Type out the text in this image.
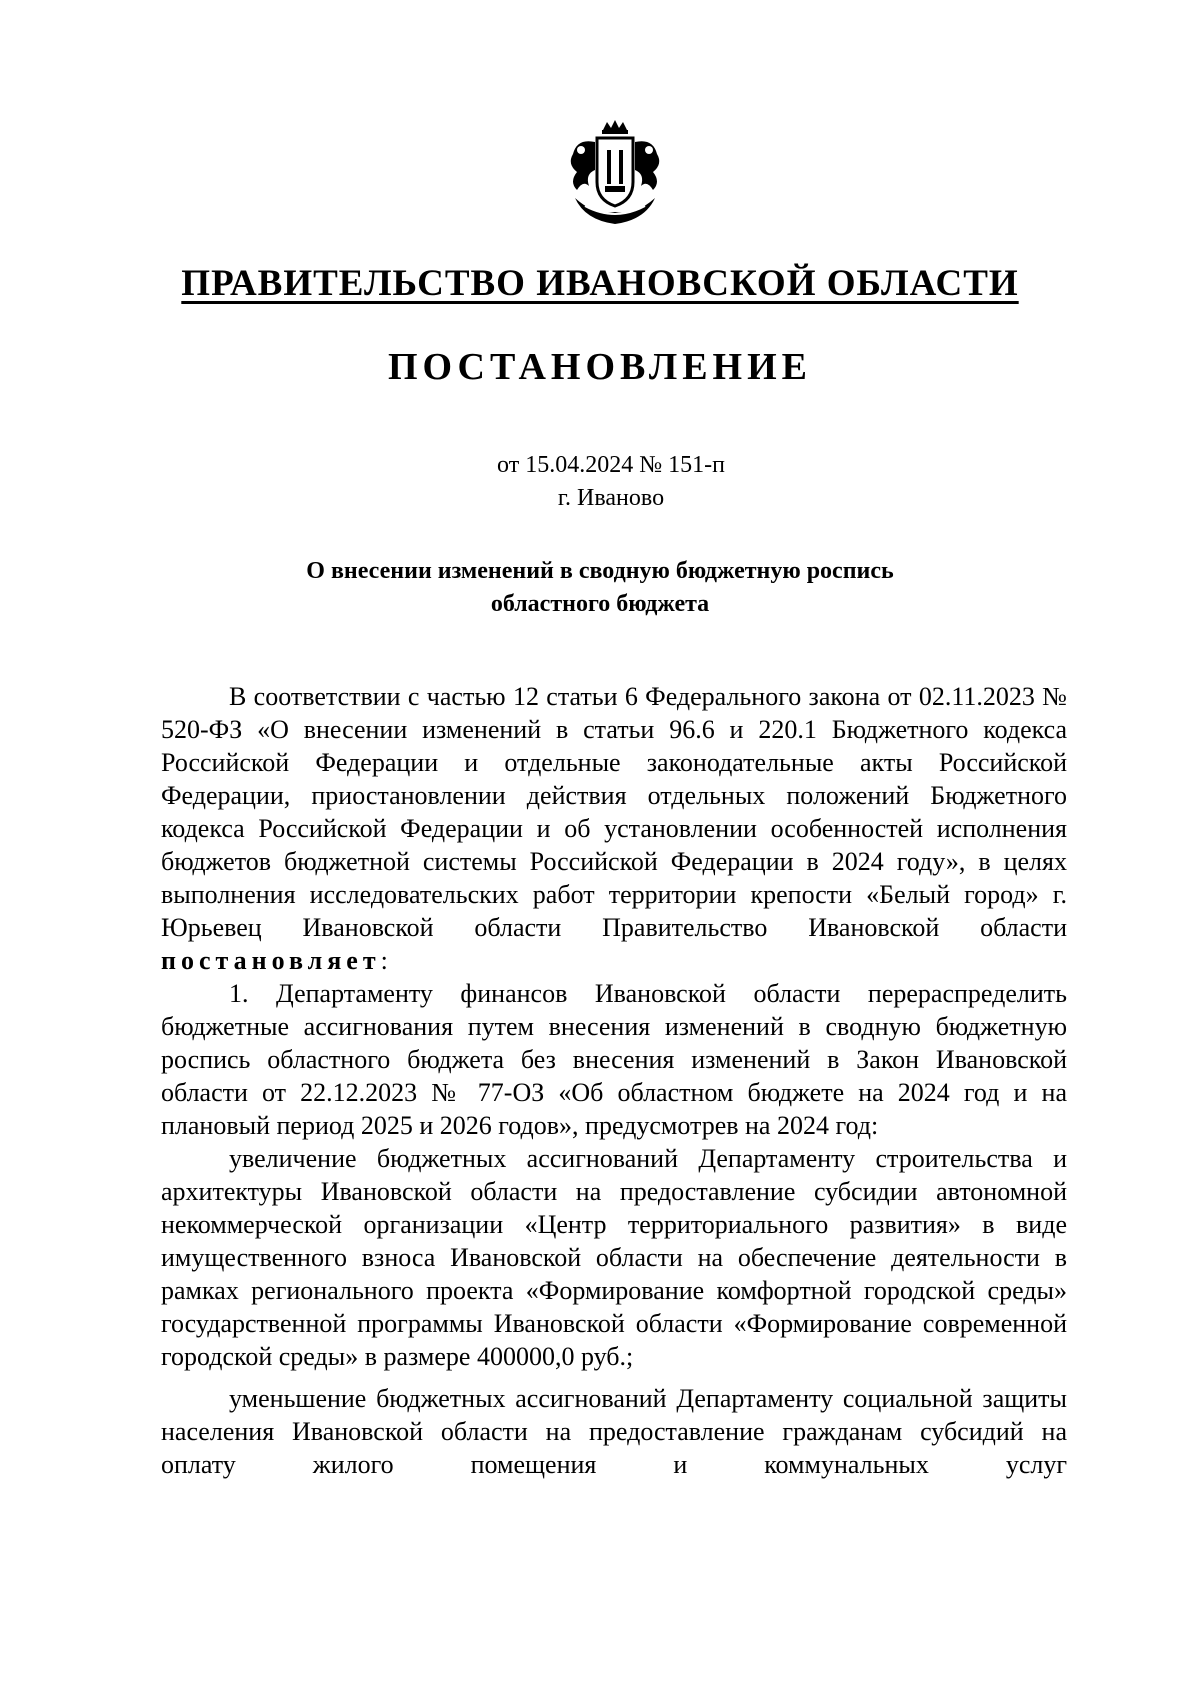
ПРАВИТЕЛЬСТВО ИВАНОВСКОЙ ОБЛАСТИ
ПОСТАНОВЛЕНИЕ
от 15.04.2024 № 151-п
г. Иваново
О внесении изменений в сводную бюджетную роспись
областного бюджета

В соответствии с частью 12 статьи 6 Федерального закона от 02.11.2023 № 520-ФЗ «О внесении изменений в статьи 96.6 и 220.1 Бюджетного кодекса Российской Федерации и отдельные законодательные акты Российской Федерации, приостановлении действия отдельных положений Бюджетного кодекса Российской Федерации и об установлении особенностей исполнения бюджетов бюджетной системы Российской Федерации в 2024 году», в целях выполнения исследовательских работ территории крепости «Белый город» г. Юрьевец Ивановской области Правительство Ивановской области

постановляет:

1. Департаменту финансов Ивановской области перераспределить бюджетные ассигнования путем внесения изменений в сводную бюджетную роспись областного бюджета без внесения изменений в Закон Ивановской области от 22.12.2023 № 77-ОЗ «Об областном бюджете на 2024 год и на плановый период 2025 и 2026 годов», предусмотрев на 2024 год:

увеличение бюджетных ассигнований Департаменту строительства и архитектуры Ивановской области на предоставление субсидии автономной некоммерческой организации «Центр территориального развития» в виде имущественного взноса Ивановской области на обеспечение деятельности в рамках регионального проекта «Формирование комфортной городской среды» государственной программы Ивановской области «Формирование современной городской среды» в размере 400000,0 руб.;

уменьшение бюджетных ассигнований Департаменту социальной защиты населения Ивановской области на предоставление гражданам субсидий на оплату жилого помещения и коммунальных услуг
